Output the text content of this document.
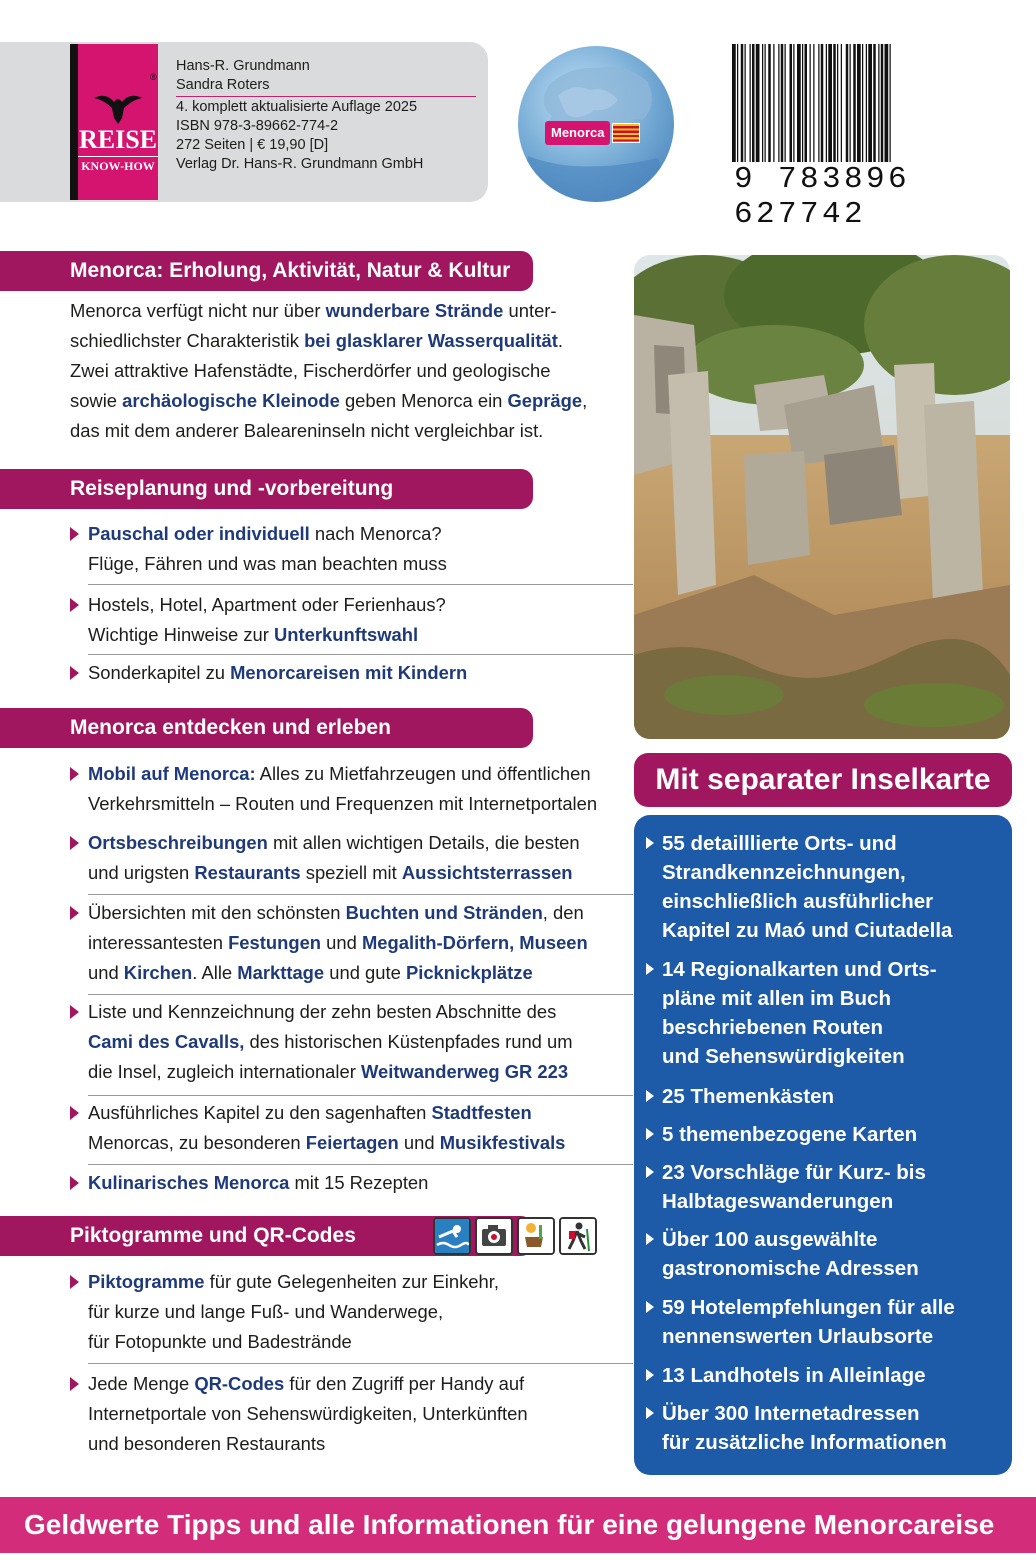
REISE
KNOW-HOW
®
Hans-R. Grundmann
Sandra Roters
4. komplett aktualisierte Auflage 2025
ISBN 978-3-89662-774-2
272 Seiten | € 19,90 [D]
Verlag Dr. Hans-R. Grundmann GmbH
Menorca
9 783896 627742
Menorca: Erholung, Aktivität, Natur & Kultur
Menorca verfügt nicht nur über wunderbare Strände unter-
schiedlichster Charakteristik bei glasklarer Wasserqualität.
Zwei attraktive Hafenstädte, Fischerdörfer und geologische
sowie archäologische Kleinode geben Menorca ein Gepräge,
das mit dem anderer Baleareninseln nicht vergleichbar ist.
Reiseplanung und -vorbereitung
Pauschal oder individuell nach Menorca?
Flüge, Fähren und was man beachten muss
Hostels, Hotel, Apartment oder Ferienhaus?
Wichtige Hinweise zur Unterkunftswahl
Sonderkapitel zu Menorcareisen mit Kindern
Menorca entdecken und erleben
Mobil auf Menorca: Alles zu Mietfahrzeugen und öffentlichen
Verkehrsmitteln – Routen und Frequenzen mit Internetportalen
Ortsbeschreibungen mit allen wichtigen Details, die besten
und urigsten Restaurants speziell mit Aussichtsterrassen
Übersichten mit den schönsten Buchten und Stränden, den
interessantesten Festungen und Megalith-Dörfern, Museen
und Kirchen. Alle Markttage und gute Picknickplätze
Liste und Kennzeichnung der zehn besten Abschnitte des
Cami des Cavalls, des historischen Küstenpfades rund um
die Insel, zugleich internationaler Weitwanderweg GR 223
Ausführliches Kapitel zu den sagenhaften Stadtfesten
Menorcas, zu besonderen Feiertagen und Musikfestivals
Kulinarisches Menorca mit 15 Rezepten
Piktogramme und QR-Codes
Piktogramme für gute Gelegenheiten zur Einkehr,
für kurze und lange Fuß- und Wanderwege,
für Fotopunkte und Badestrände
Jede Menge QR-Codes für den Zugriff per Handy auf
Internetportale von Sehenswürdigkeiten, Unterkünften
und besonderen Restaurants
Mit separater Inselkarte
55 detailllierte Orts- und
Strandkennzeichnungen,
einschließlich ausführlicher
Kapitel zu Maó und Ciutadella
14 Regionalkarten und Orts-
pläne mit allen im Buch
beschriebenen Routen
und Sehenswürdigkeiten
25 Themenkästen
5 themenbezogene Karten
23 Vorschläge für Kurz- bis
Halbtageswanderungen
Über 100 ausgewählte
gastronomische Adressen
59 Hotelempfehlungen für alle
nennenswerten Urlaubsorte
13 Landhotels in Alleinlage
Über 300 Internetadressen
für zusätzliche Informationen
Geldwerte Tipps und alle Informationen für eine gelungene Menorcareise
